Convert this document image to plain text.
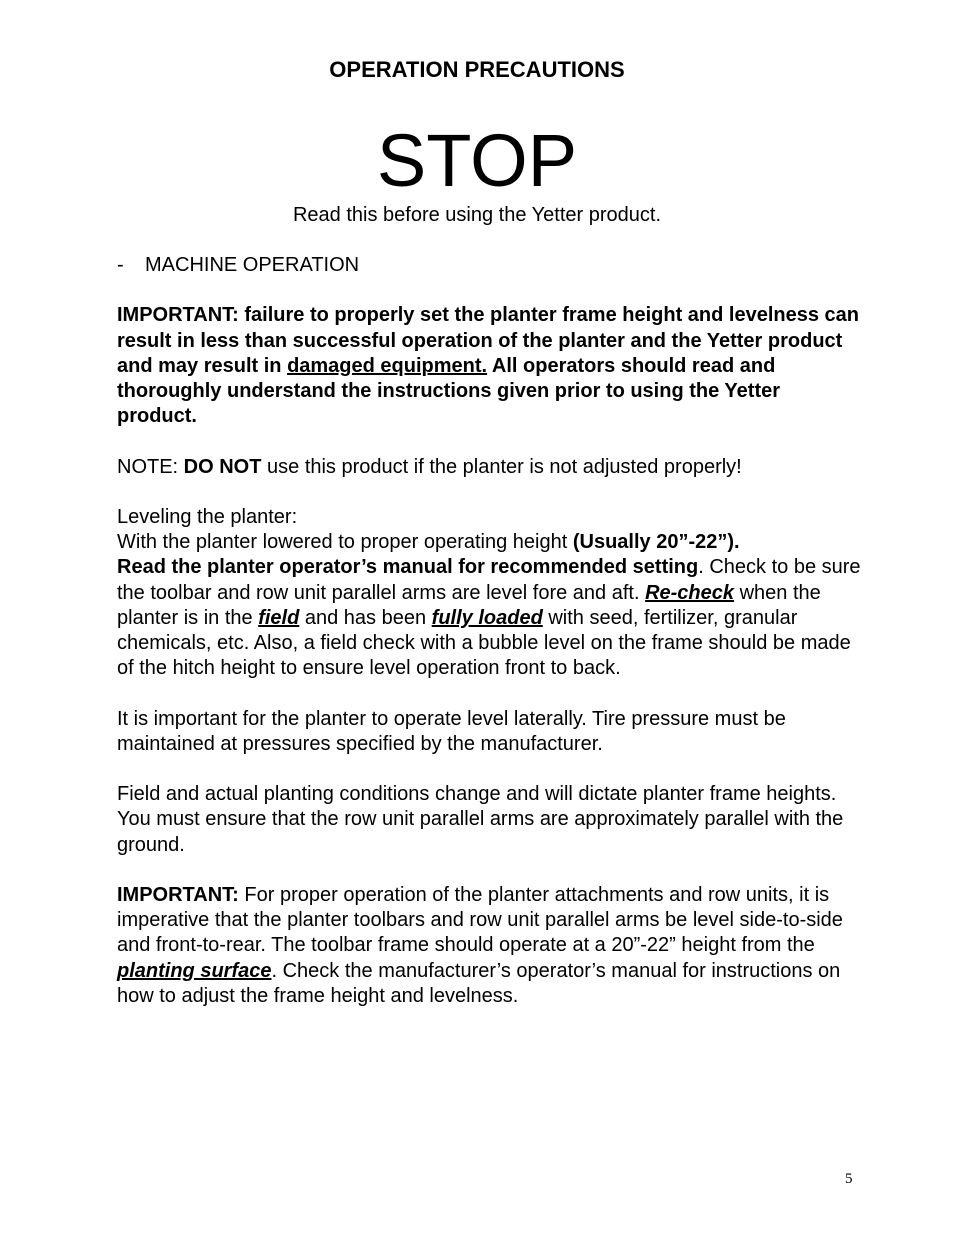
OPERATION PRECAUTIONS
STOP
Read this before using the Yetter product.

- MACHINE OPERATION

IMPORTANT: failure to properly set the planter frame height and levelness can result in less than successful operation of the planter and the Yetter product and may result in damaged equipment. All operators should read and thoroughly understand the instructions given prior to using the Yetter product.

NOTE: DO NOT use this product if the planter is not adjusted properly!

Leveling the planter:
With the planter lowered to proper operating height (Usually 20”-22”).
Read the planter operator’s manual for recommended setting. Check to be sure the toolbar and row unit parallel arms are level fore and aft. Re-check when the planter is in the field and has been fully loaded with seed, fertilizer, granular chemicals, etc. Also, a field check with a bubble level on the frame should be made of the hitch height to ensure level operation front to back.

It is important for the planter to operate level laterally. Tire pressure must be maintained at pressures specified by the manufacturer.

Field and actual planting conditions change and will dictate planter frame heights. You must ensure that the row unit parallel arms are approximately parallel with the ground.

IMPORTANT: For proper operation of the planter attachments and row units, it is imperative that the planter toolbars and row unit parallel arms be level side-to-side and front-to-rear. The toolbar frame should operate at a 20”-22” height from the planting surface. Check the manufacturer’s operator’s manual for instructions on how to adjust the frame height and levelness.

5
